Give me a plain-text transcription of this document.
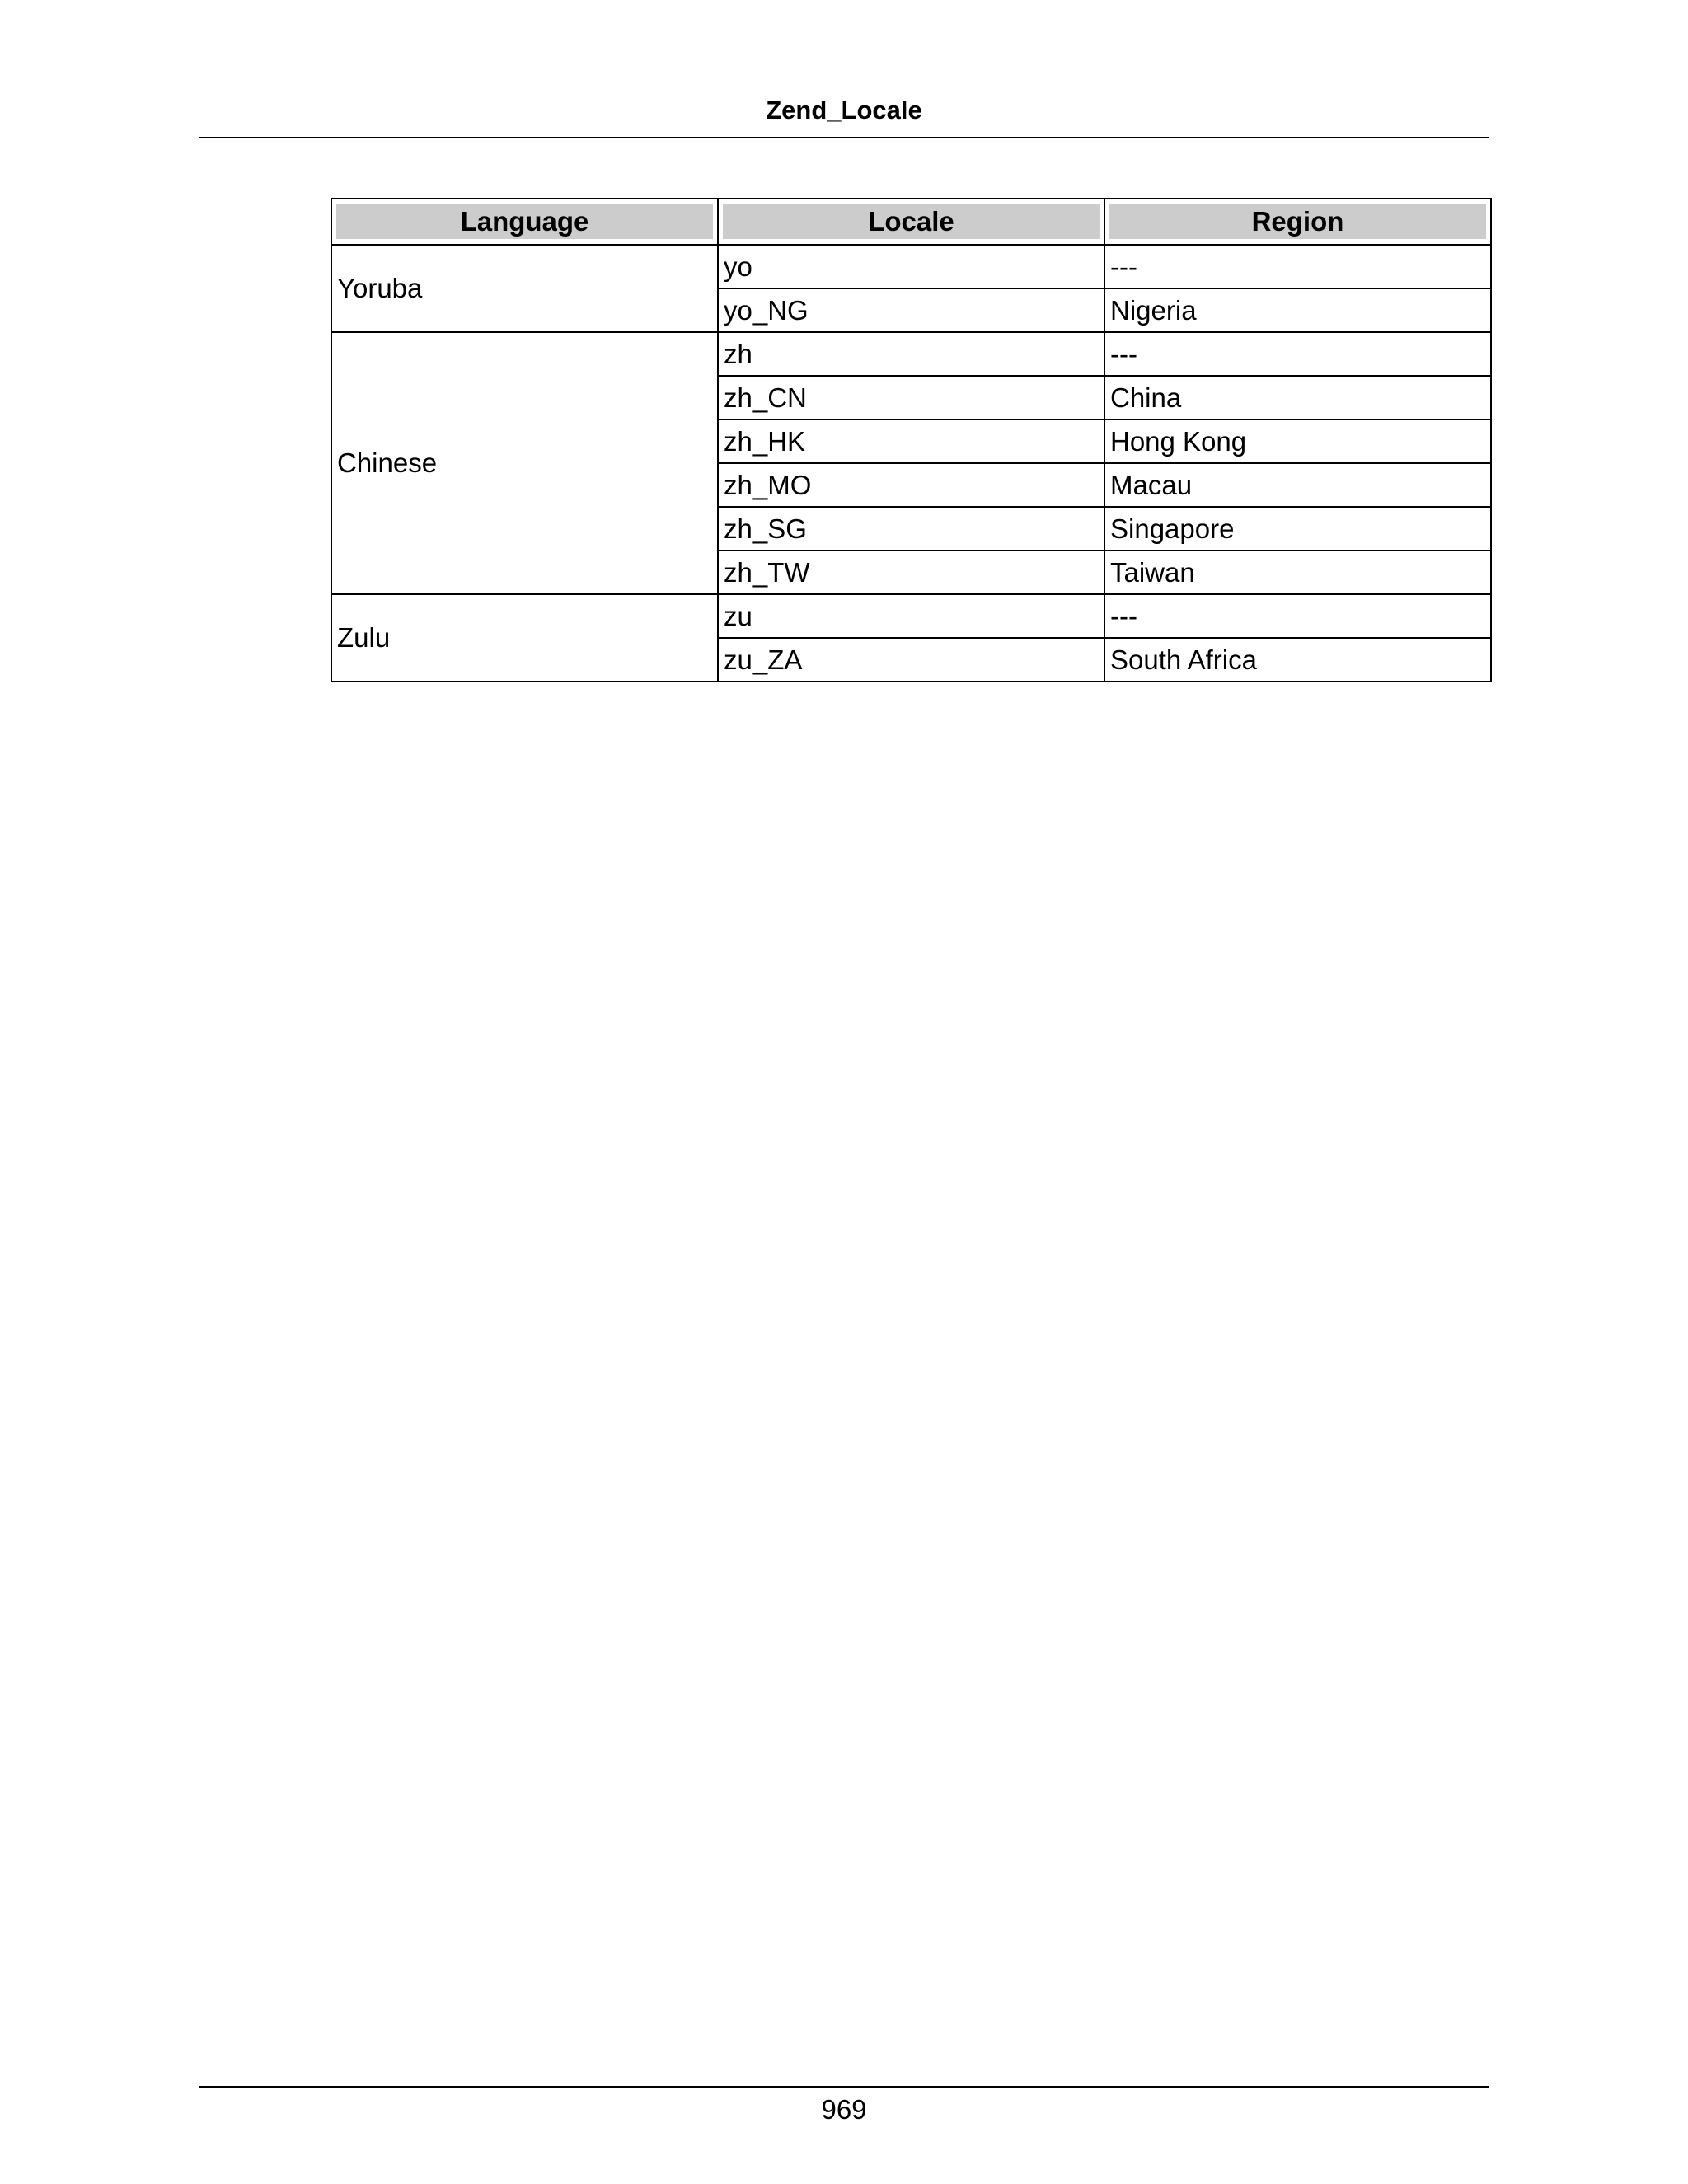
Zend_Locale
Language	Locale	Region

Yoruba	yo	---
	yo_NG	Nigeria
Chinese	zh	---
	zh_CN	China
	zh_HK	Hong Kong
	zh_MO	Macau
	zh_SG	Singapore
	zh_TW	Taiwan
Zulu	zu	---
	zu_ZA	South Africa
969
